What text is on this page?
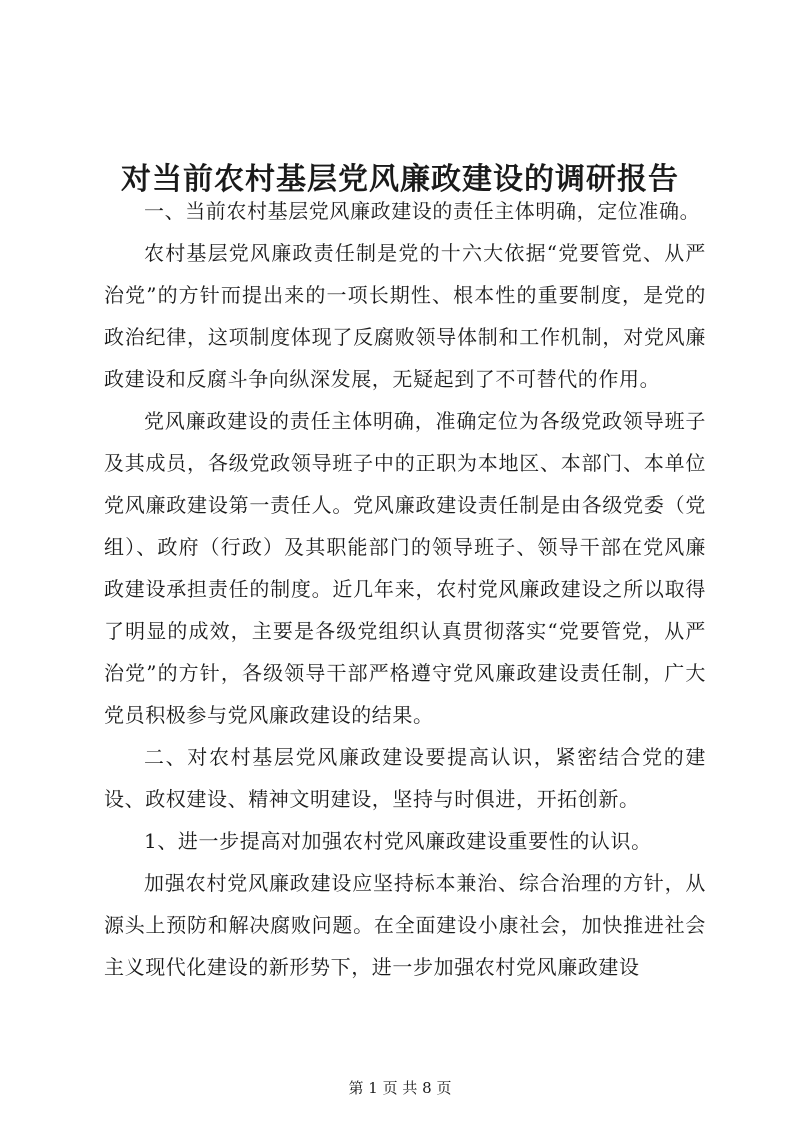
对当前农村基层党风廉政建设的调研报告

一、当前农村基层党风廉政建设的责任主体明确，定位准确。

农村基层党风廉政责任制是党的十六大依据“党要管党、从严治党”的方针而提出来的一项长期性、根本性的重要制度，是党的政治纪律，这项制度体现了反腐败领导体制和工作机制，对党风廉政建设和反腐斗争向纵深发展，无疑起到了不可替代的作用。

党风廉政建设的责任主体明确，准确定位为各级党政领导班子及其成员，各级党政领导班子中的正职为本地区、本部门、本单位党风廉政建设第一责任人。党风廉政建设责任制是由各级党委（党组）、政府（行政）及其职能部门的领导班子、领导干部在党风廉政建设承担责任的制度。近几年来，农村党风廉政建设之所以取得了明显的成效，主要是各级党组织认真贯彻落实“党要管党，从严治党”的方针，各级领导干部严格遵守党风廉政建设责任制，广大党员积极参与党风廉政建设的结果。

二、对农村基层党风廉政建设要提高认识，紧密结合党的建设、政权建设、精神文明建设，坚持与时俱进，开拓创新。

1、进一步提高对加强农村党风廉政建设重要性的认识。

加强农村党风廉政建设应坚持标本兼治、综合治理的方针，从源头上预防和解决腐败问题。在全面建设小康社会，加快推进社会主义现代化建设的新形势下，进一步加强农村党风廉政建设

第 1 页 共 8 页
